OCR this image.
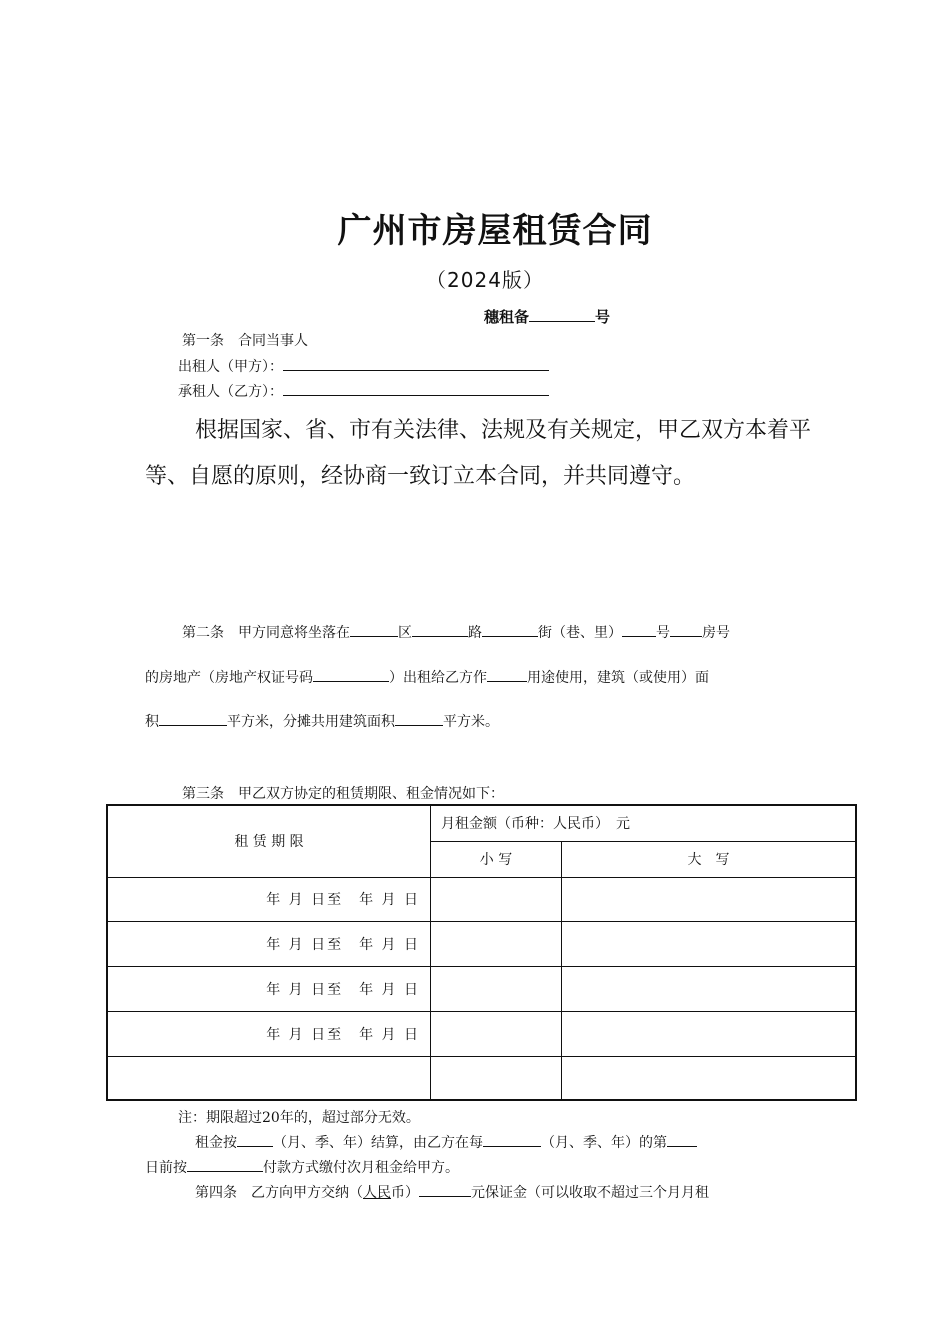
广州市房屋租赁合同
（2024版）
穗租备	号
第一条　合同当事人
出租人（甲方）：
承租人（乙方）：
根据国家、省、市有关法律、法规及有关规定，甲乙双方本着平等、自愿的原则，经协商一致订立本合同，并共同遵守。
第二条　甲方同意将坐落在	区	路	街（巷、里） 号 房号
的房地产（房地产权证号码	）出租给乙方作	用途使用，建筑（或使用）面
积	平方米，分摊共用建筑面积	平方米。
第三条　甲乙双方协定的租赁期限、租金情况如下：
租 赁 期 限	月租金额（币种：人民币）　元	
	小 写	大　写
年 月 日至　年 月 日		
年 月 日至　年 月 日		
年 月 日至　年 月 日		
年 月 日至　年 月 日		

注：期限超过20年的，超过部分无效。
租金按	（月、季、年）结算，由乙方在每	（月、季、年）的第
日前按	付款方式缴付次月租金给甲方。
第四条　乙方向甲方交纳（人民币）	元保证金（可以收取不超过三个月月租
